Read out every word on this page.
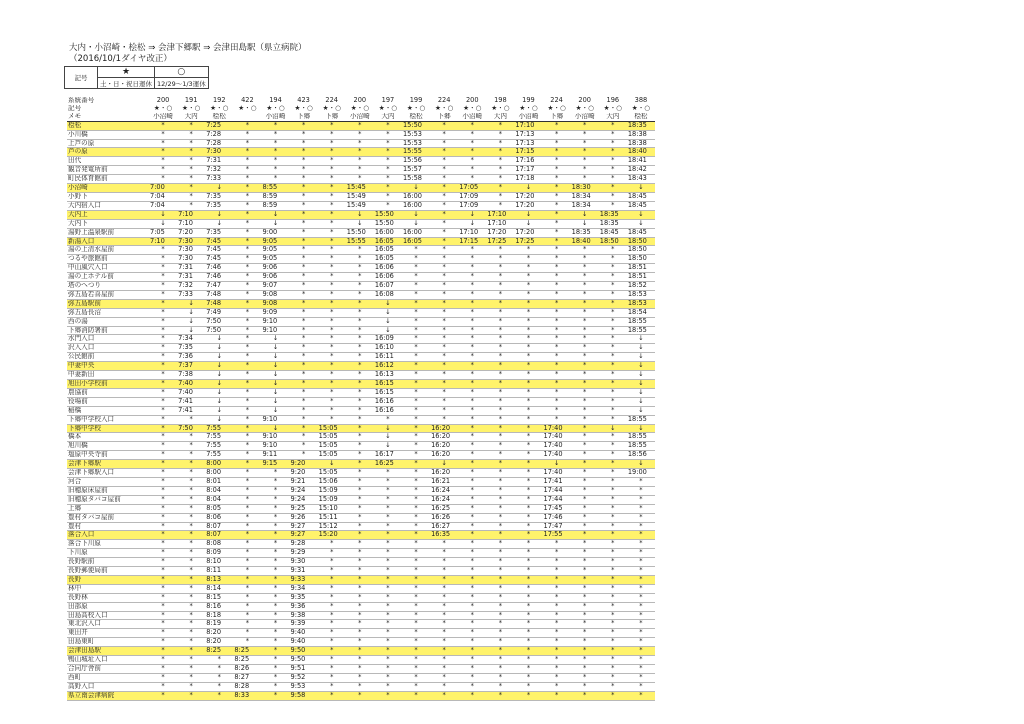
大内・小沼崎・桧松 ⇒ 会津下郷駅 ⇒ 会津田島駅（県立病院）
（2016/10/1ダイヤ改正）
記号	★	○
	土・日・祝日運休	12/29〜1/3運休
系統番号	200	191	192	422	194	423	224	200	197	199	224	200	198	199	224	200	196	388
記号	★・○	★・○	★・○	★・○	★・○	★・○	★・○	★・○	★・○	★・○	★・○	★・○	★・○	★・○	★・○	★・○	★・○	★・○
メモ	小沼崎	大内	桧松		小沼崎	下郷	下郷	小沼崎	大内	桧松	下郷	小沼崎	大内	小沼崎	下郷	小沼崎	大内	桧松
桧松	*	*	7:25	*	*	*	*	*	*	15:50	*	*	*	17:10	*	*	*	18:35
小川橋	*	*	7:28	*	*	*	*	*	*	15:53	*	*	*	17:13	*	*	*	18:38
上芦の原	*	*	7:28	*	*	*	*	*	*	15:53	*	*	*	17:13	*	*	*	18:38
芦の原	*	*	7:30	*	*	*	*	*	*	15:55	*	*	*	17:15	*	*	*	18:40
田代	*	*	7:31	*	*	*	*	*	*	15:56	*	*	*	17:16	*	*	*	18:41
観音発電所前	*	*	7:32	*	*	*	*	*	*	15:57	*	*	*	17:17	*	*	*	18:42
町民体育館前	*	*	7:33	*	*	*	*	*	*	15:58	*	*	*	17:18	*	*	*	18:43
小沼崎	7:00	*	↓	*	8:55	*	*	15:45	*	↓	*	17:05	*	↓	*	18:30	*	↓
小野下	7:04	*	7:35	*	8:59	*	*	15:49	*	16:00	*	17:09	*	17:20	*	18:34	*	18:45
大内宿入口	7:04	*	7:35	*	8:59	*	*	15:49	*	16:00	*	17:09	*	17:20	*	18:34	*	18:45
大内上	↓	7:10	↓	*	↓	*	*	↓	15:50	↓	*	↓	17:10	↓	*	↓	18:35	↓
大内下	↓	7:10	↓	*	↓	*	*	↓	15:50	↓	*	↓	17:10	↓	*	↓	18:35	↓
湯野上温泉駅前	7:05	7:20	7:35	*	9:00	*	*	15:50	16:00	16:00	*	17:10	17:20	17:20	*	18:35	18:45	18:45
新湯入口	7:10	7:30	7:45	*	9:05	*	*	15:55	16:05	16:05	*	17:15	17:25	17:25	*	18:40	18:50	18:50
湯の上清水屋前	*	7:30	7:45	*	9:05	*	*	*	16:05	*	*	*	*	*	*	*	*	18:50
つるや旅館前	*	7:30	7:45	*	9:05	*	*	*	16:05	*	*	*	*	*	*	*	*	18:50
中山風穴入口	*	7:31	7:46	*	9:06	*	*	*	16:06	*	*	*	*	*	*	*	*	18:51
湯の上ホテル前	*	7:31	7:46	*	9:06	*	*	*	16:06	*	*	*	*	*	*	*	*	18:51
塔のへつり	*	7:32	7:47	*	9:07	*	*	*	16:07	*	*	*	*	*	*	*	*	18:52
弥五島若喜屋前	*	7:33	7:48	*	9:08	*	*	*	16:08	*	*	*	*	*	*	*	*	18:53
弥五島駅前	*	↓	7:48	*	9:08	*	*	*	↓	*	*	*	*	*	*	*	*	18:53
弥五島長沼	*	↓	7:49	*	9:09	*	*	*	↓	*	*	*	*	*	*	*	*	18:54
西の湯	*	↓	7:50	*	9:10	*	*	*	↓	*	*	*	*	*	*	*	*	18:55
下郷消防署前	*	↓	7:50	*	9:10	*	*	*	↓	*	*	*	*	*	*	*	*	18:55
水門入口	*	7:34	↓	*	↓	*	*	*	16:09	*	*	*	*	*	*	*	*	↓
沢入入口	*	7:35	↓	*	↓	*	*	*	16:10	*	*	*	*	*	*	*	*	↓
公民館前	*	7:36	↓	*	↓	*	*	*	16:11	*	*	*	*	*	*	*	*	↓
中妻中央	*	7:37	↓	*	↓	*	*	*	16:12	*	*	*	*	*	*	*	*	↓
中妻新田	*	7:38	↓	*	↓	*	*	*	16:13	*	*	*	*	*	*	*	*	↓
旭田小学校前	*	7:40	↓	*	↓	*	*	*	16:15	*	*	*	*	*	*	*	*	↓
農協前	*	7:40	↓	*	↓	*	*	*	16:15	*	*	*	*	*	*	*	*	↓
役場前	*	7:41	↓	*	↓	*	*	*	16:16	*	*	*	*	*	*	*	*	↓
稲橋	*	7:41	↓	*	↓	*	*	*	16:16	*	*	*	*	*	*	*	*	↓
下郷中学校入口	*	*	↓	*	9:10	*	*	*	*	*	*	*	*	*	*	*	*	18:55
下郷中学校	*	7:50	7:55	*	↓	*	15:05	*	↓	*	16:20	*	*	*	17:40	*	↓	↓
橋本	*	*	7:55	*	9:10	*	15:05	*	↓	*	16:20	*	*	*	17:40	*	*	18:55
旭川橋	*	*	7:55	*	9:10	*	15:05	*	↓	*	16:20	*	*	*	17:40	*	*	18:55
塩原中央寺前	*	*	7:55	*	9:11	*	15:05	*	16:17	*	16:20	*	*	*	17:40	*	*	18:56
会津下郷駅	*	*	8:00	*	9:15	9:20	↓	*	16:25	*	↓	*	*	*	↓	*	*	↓
会津下郷駅入口	*	*	8:00	*	*	9:20	15:05	*	*	*	16:20	*	*	*	17:40	*	*	19:00
河合	*	*	8:01	*	*	9:21	15:06	*	*	*	16:21	*	*	*	17:41	*	*	*
旧穂原床屋前	*	*	8:04	*	*	9:24	15:09	*	*	*	16:24	*	*	*	17:44	*	*	*
旧穂原タバコ屋前	*	*	8:04	*	*	9:24	15:09	*	*	*	16:24	*	*	*	17:44	*	*	*
上郷	*	*	8:05	*	*	9:25	15:10	*	*	*	16:25	*	*	*	17:45	*	*	*
豊村タバコ屋前	*	*	8:06	*	*	9:26	15:11	*	*	*	16:26	*	*	*	17:46	*	*	*
豊村	*	*	8:07	*	*	9:27	15:12	*	*	*	16:27	*	*	*	17:47	*	*	*
落合入口	*	*	8:07	*	*	9:27	15:20	*	*	*	16:35	*	*	*	17:55	*	*	*
落合下川原	*	*	8:08	*	*	9:28	*	*	*	*	*	*	*	*	*	*	*	*
下川原	*	*	8:09	*	*	9:29	*	*	*	*	*	*	*	*	*	*	*	*
長野駅前	*	*	8:10	*	*	9:30	*	*	*	*	*	*	*	*	*	*	*	*
長野郵便局前	*	*	8:11	*	*	9:31	*	*	*	*	*	*	*	*	*	*	*	*
長野	*	*	8:13	*	*	9:33	*	*	*	*	*	*	*	*	*	*	*	*
林中	*	*	8:14	*	*	9:34	*	*	*	*	*	*	*	*	*	*	*	*
長野林	*	*	8:15	*	*	9:35	*	*	*	*	*	*	*	*	*	*	*	*
田部原	*	*	8:16	*	*	9:36	*	*	*	*	*	*	*	*	*	*	*	*
田島高校入口	*	*	8:18	*	*	9:38	*	*	*	*	*	*	*	*	*	*	*	*
東北沢入口	*	*	8:19	*	*	9:39	*	*	*	*	*	*	*	*	*	*	*	*
東田井	*	*	8:20	*	*	9:40	*	*	*	*	*	*	*	*	*	*	*	*
田島東町	*	*	8:20	*	*	9:40	*	*	*	*	*	*	*	*	*	*	*	*
会津田島駅	*	*	8:25	8:25	*	9:50	*	*	*	*	*	*	*	*	*	*	*	*
鴨山城址入口	*	*	*	8:25	*	9:50	*	*	*	*	*	*	*	*	*	*	*	*
合同庁舎前	*	*	*	8:26	*	9:51	*	*	*	*	*	*	*	*	*	*	*	*
西町	*	*	*	8:27	*	9:52	*	*	*	*	*	*	*	*	*	*	*	*
高野入口	*	*	*	8:28	*	9:53	*	*	*	*	*	*	*	*	*	*	*	*
県立南会津病院	*	*	*	8:33	*	9:58	*	*	*	*	*	*	*	*	*	*	*	*
